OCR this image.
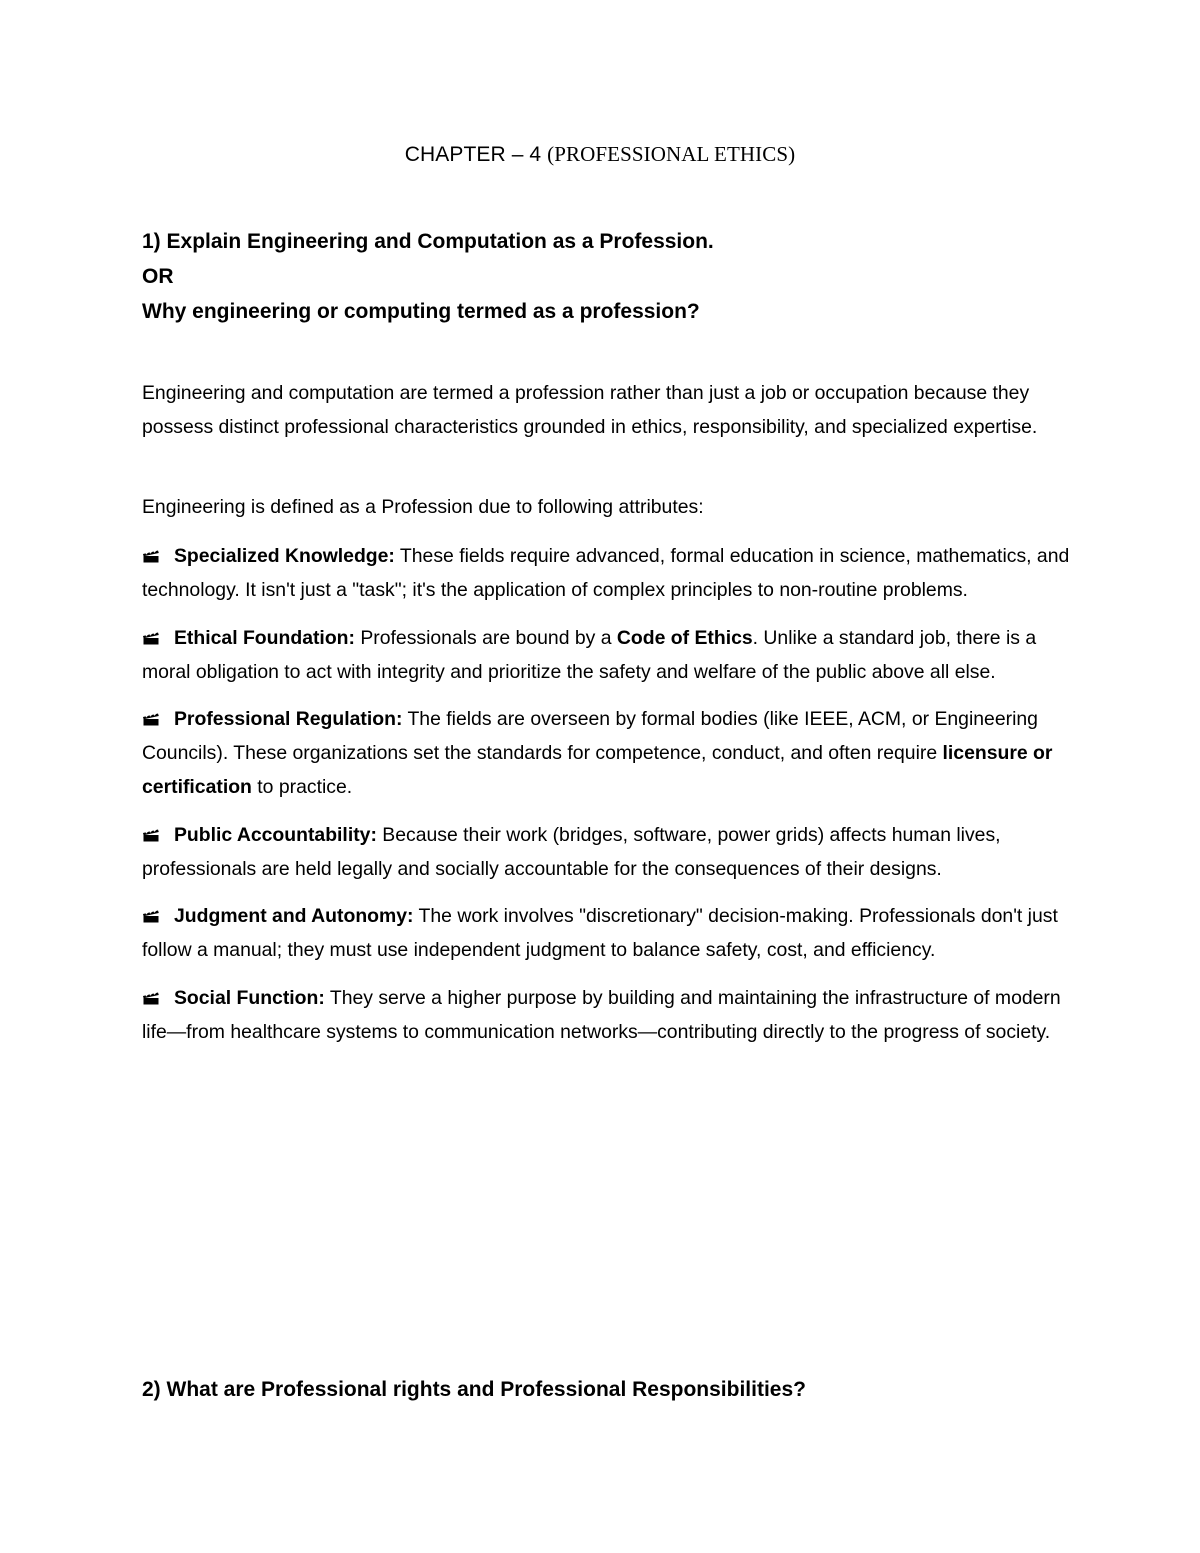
CHAPTER – 4 (PROFESSIONAL ETHICS)
1) Explain Engineering and Computation as a Profession.
OR
Why engineering or computing termed as a profession?
Engineering and computation are termed a profession rather than just a job or occupation because they possess distinct professional characteristics grounded in ethics, responsibility, and specialized expertise.
Engineering is defined as a Profession due to following attributes:
Specialized Knowledge: These fields require advanced, formal education in science, mathematics, and technology. It isn't just a "task"; it's the application of complex principles to non-routine problems.
Ethical Foundation: Professionals are bound by a Code of Ethics. Unlike a standard job, there is a moral obligation to act with integrity and prioritize the safety and welfare of the public above all else.
Professional Regulation: The fields are overseen by formal bodies (like IEEE, ACM, or Engineering Councils). These organizations set the standards for competence, conduct, and often require licensure or certification to practice.
Public Accountability: Because their work (bridges, software, power grids) affects human lives, professionals are held legally and socially accountable for the consequences of their designs.
Judgment and Autonomy: The work involves "discretionary" decision-making. Professionals don't just follow a manual; they must use independent judgment to balance safety, cost, and efficiency.
Social Function: They serve a higher purpose by building and maintaining the infrastructure of modern life—from healthcare systems to communication networks—contributing directly to the progress of society.
2) What are Professional rights and Professional Responsibilities?
